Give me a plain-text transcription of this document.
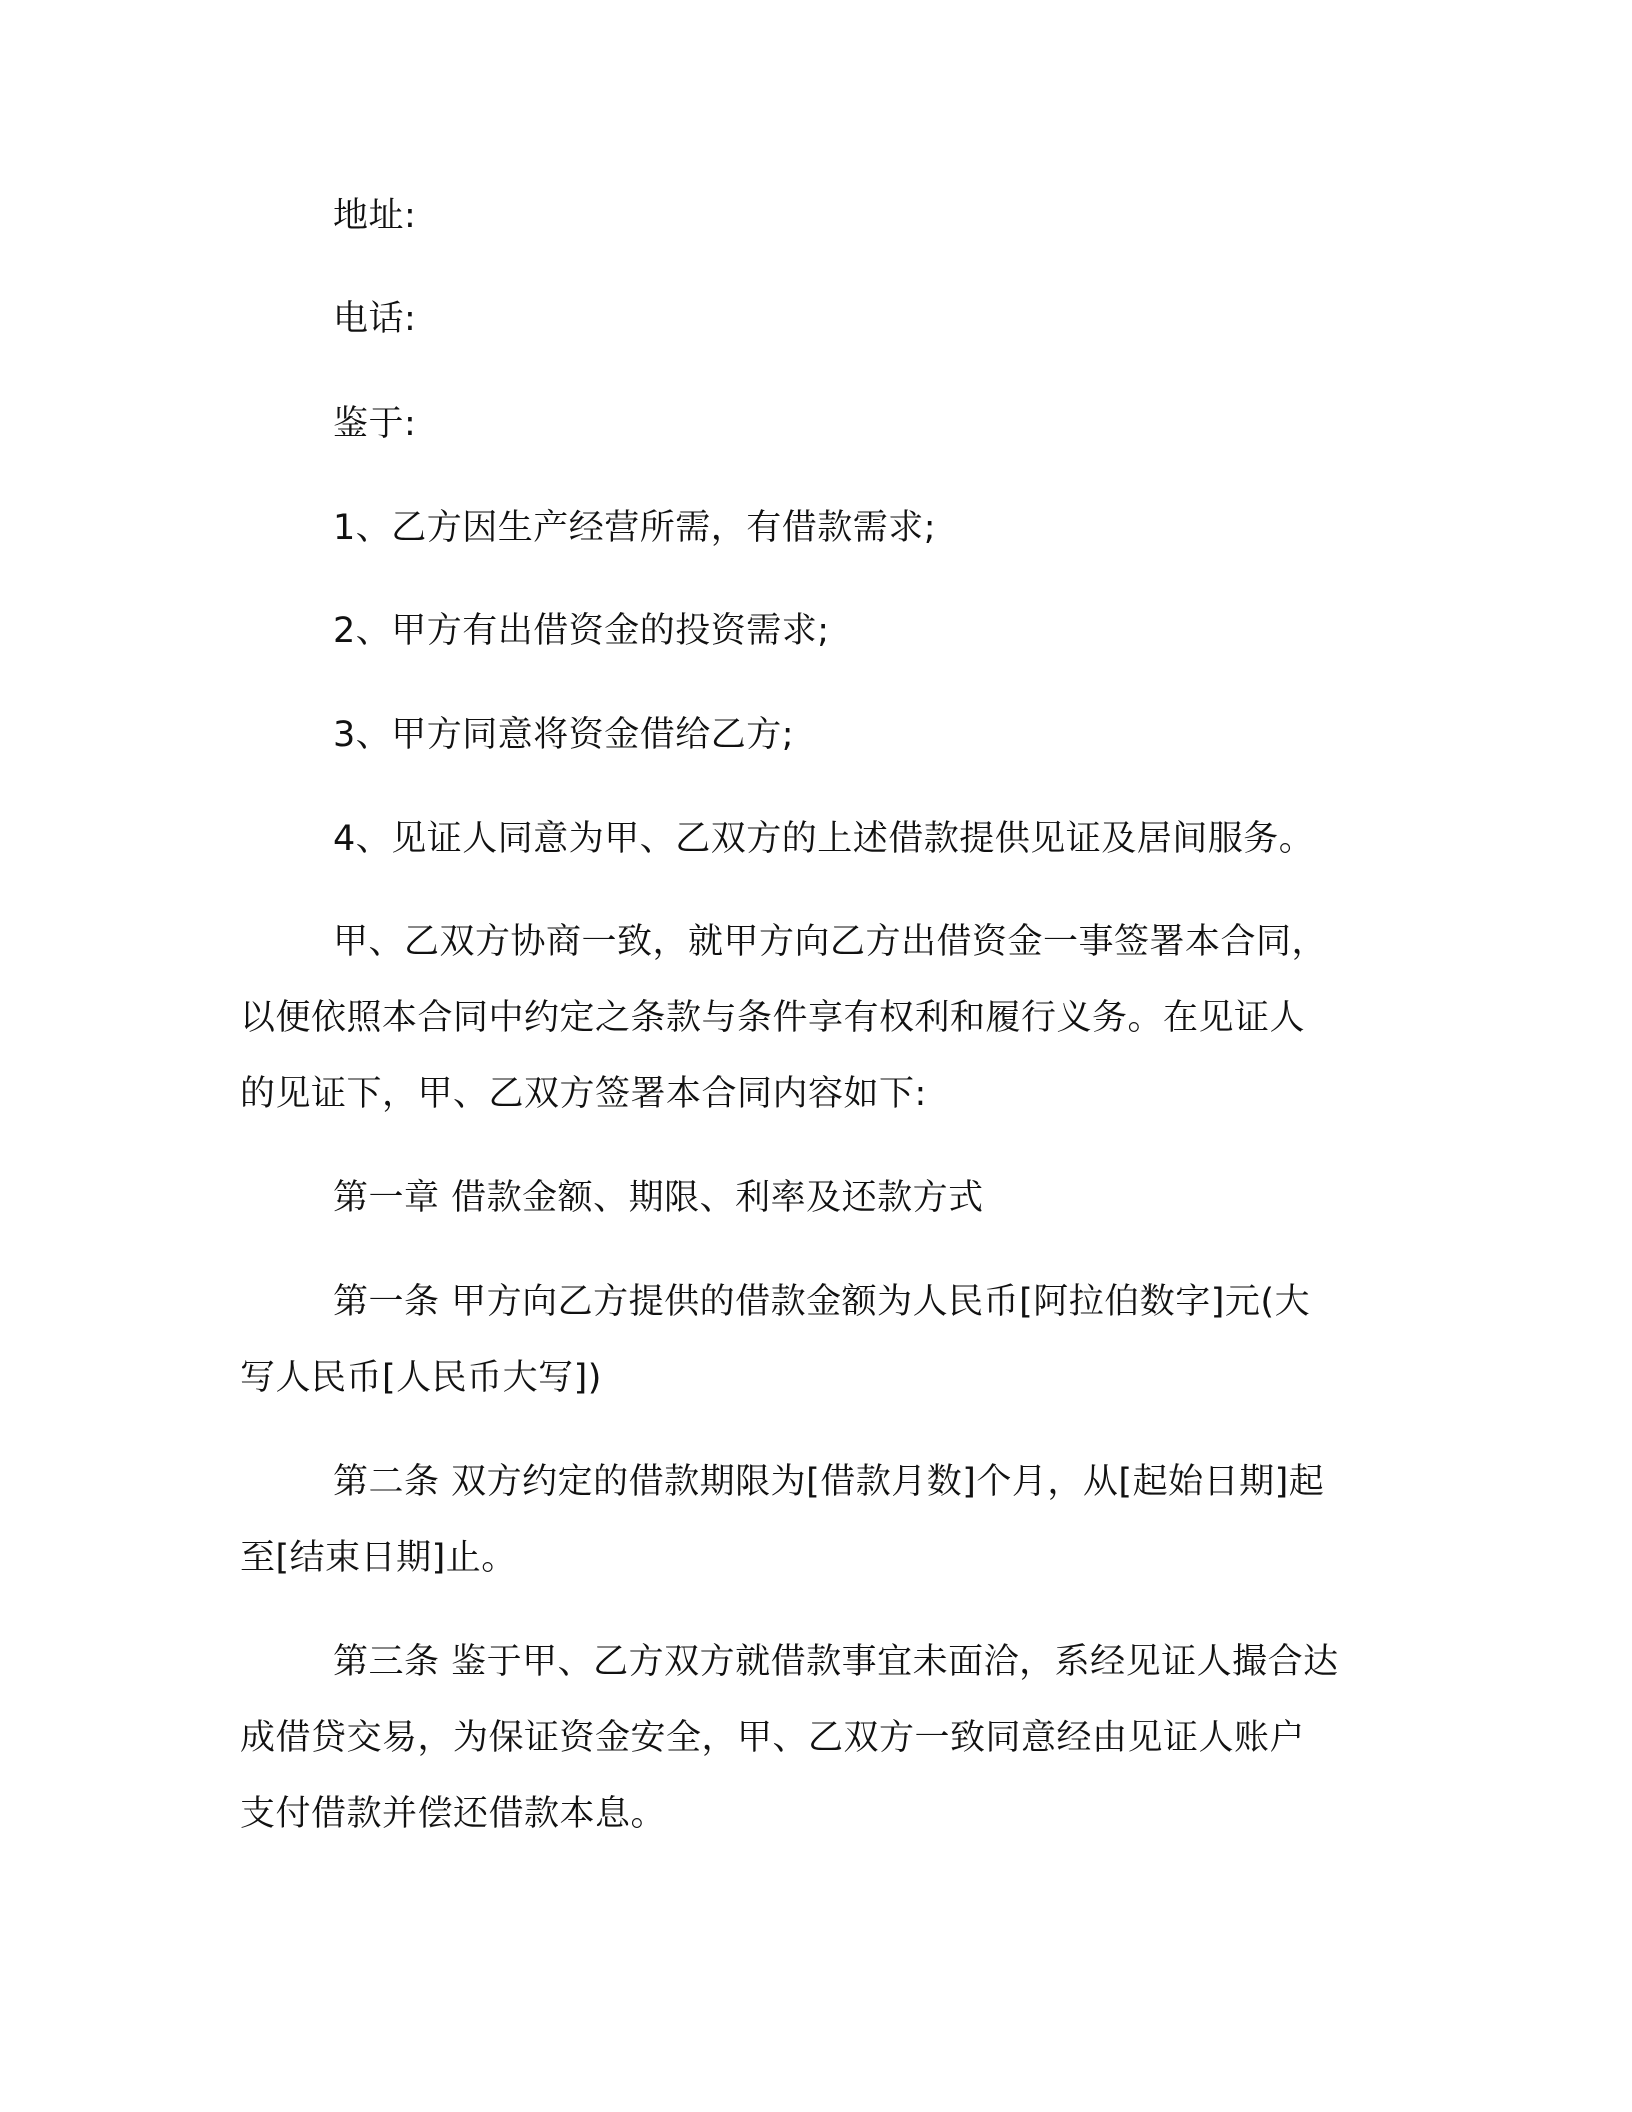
地址:
电话:
鉴于:
1、乙方因生产经营所需，有借款需求;
2、甲方有出借资金的投资需求;
3、甲方同意将资金借给乙方;
4、见证人同意为甲、乙双方的上述借款提供见证及居间服务。
甲、乙双方协商一致，就甲方向乙方出借资金一事签署本合同，
以便依照本合同中约定之条款与条件享有权利和履行义务。在见证人
的见证下，甲、乙双方签署本合同内容如下:
第一章 借款金额、期限、利率及还款方式
第一条 甲方向乙方提供的借款金额为人民币[阿拉伯数字]元(大
写人民币[人民币大写])
第二条 双方约定的借款期限为[借款月数]个月，从[起始日期]起
至[结束日期]止。
第三条 鉴于甲、乙方双方就借款事宜未面洽，系经见证人撮合达
成借贷交易，为保证资金安全，甲、乙双方一致同意经由见证人账户
支付借款并偿还借款本息。
